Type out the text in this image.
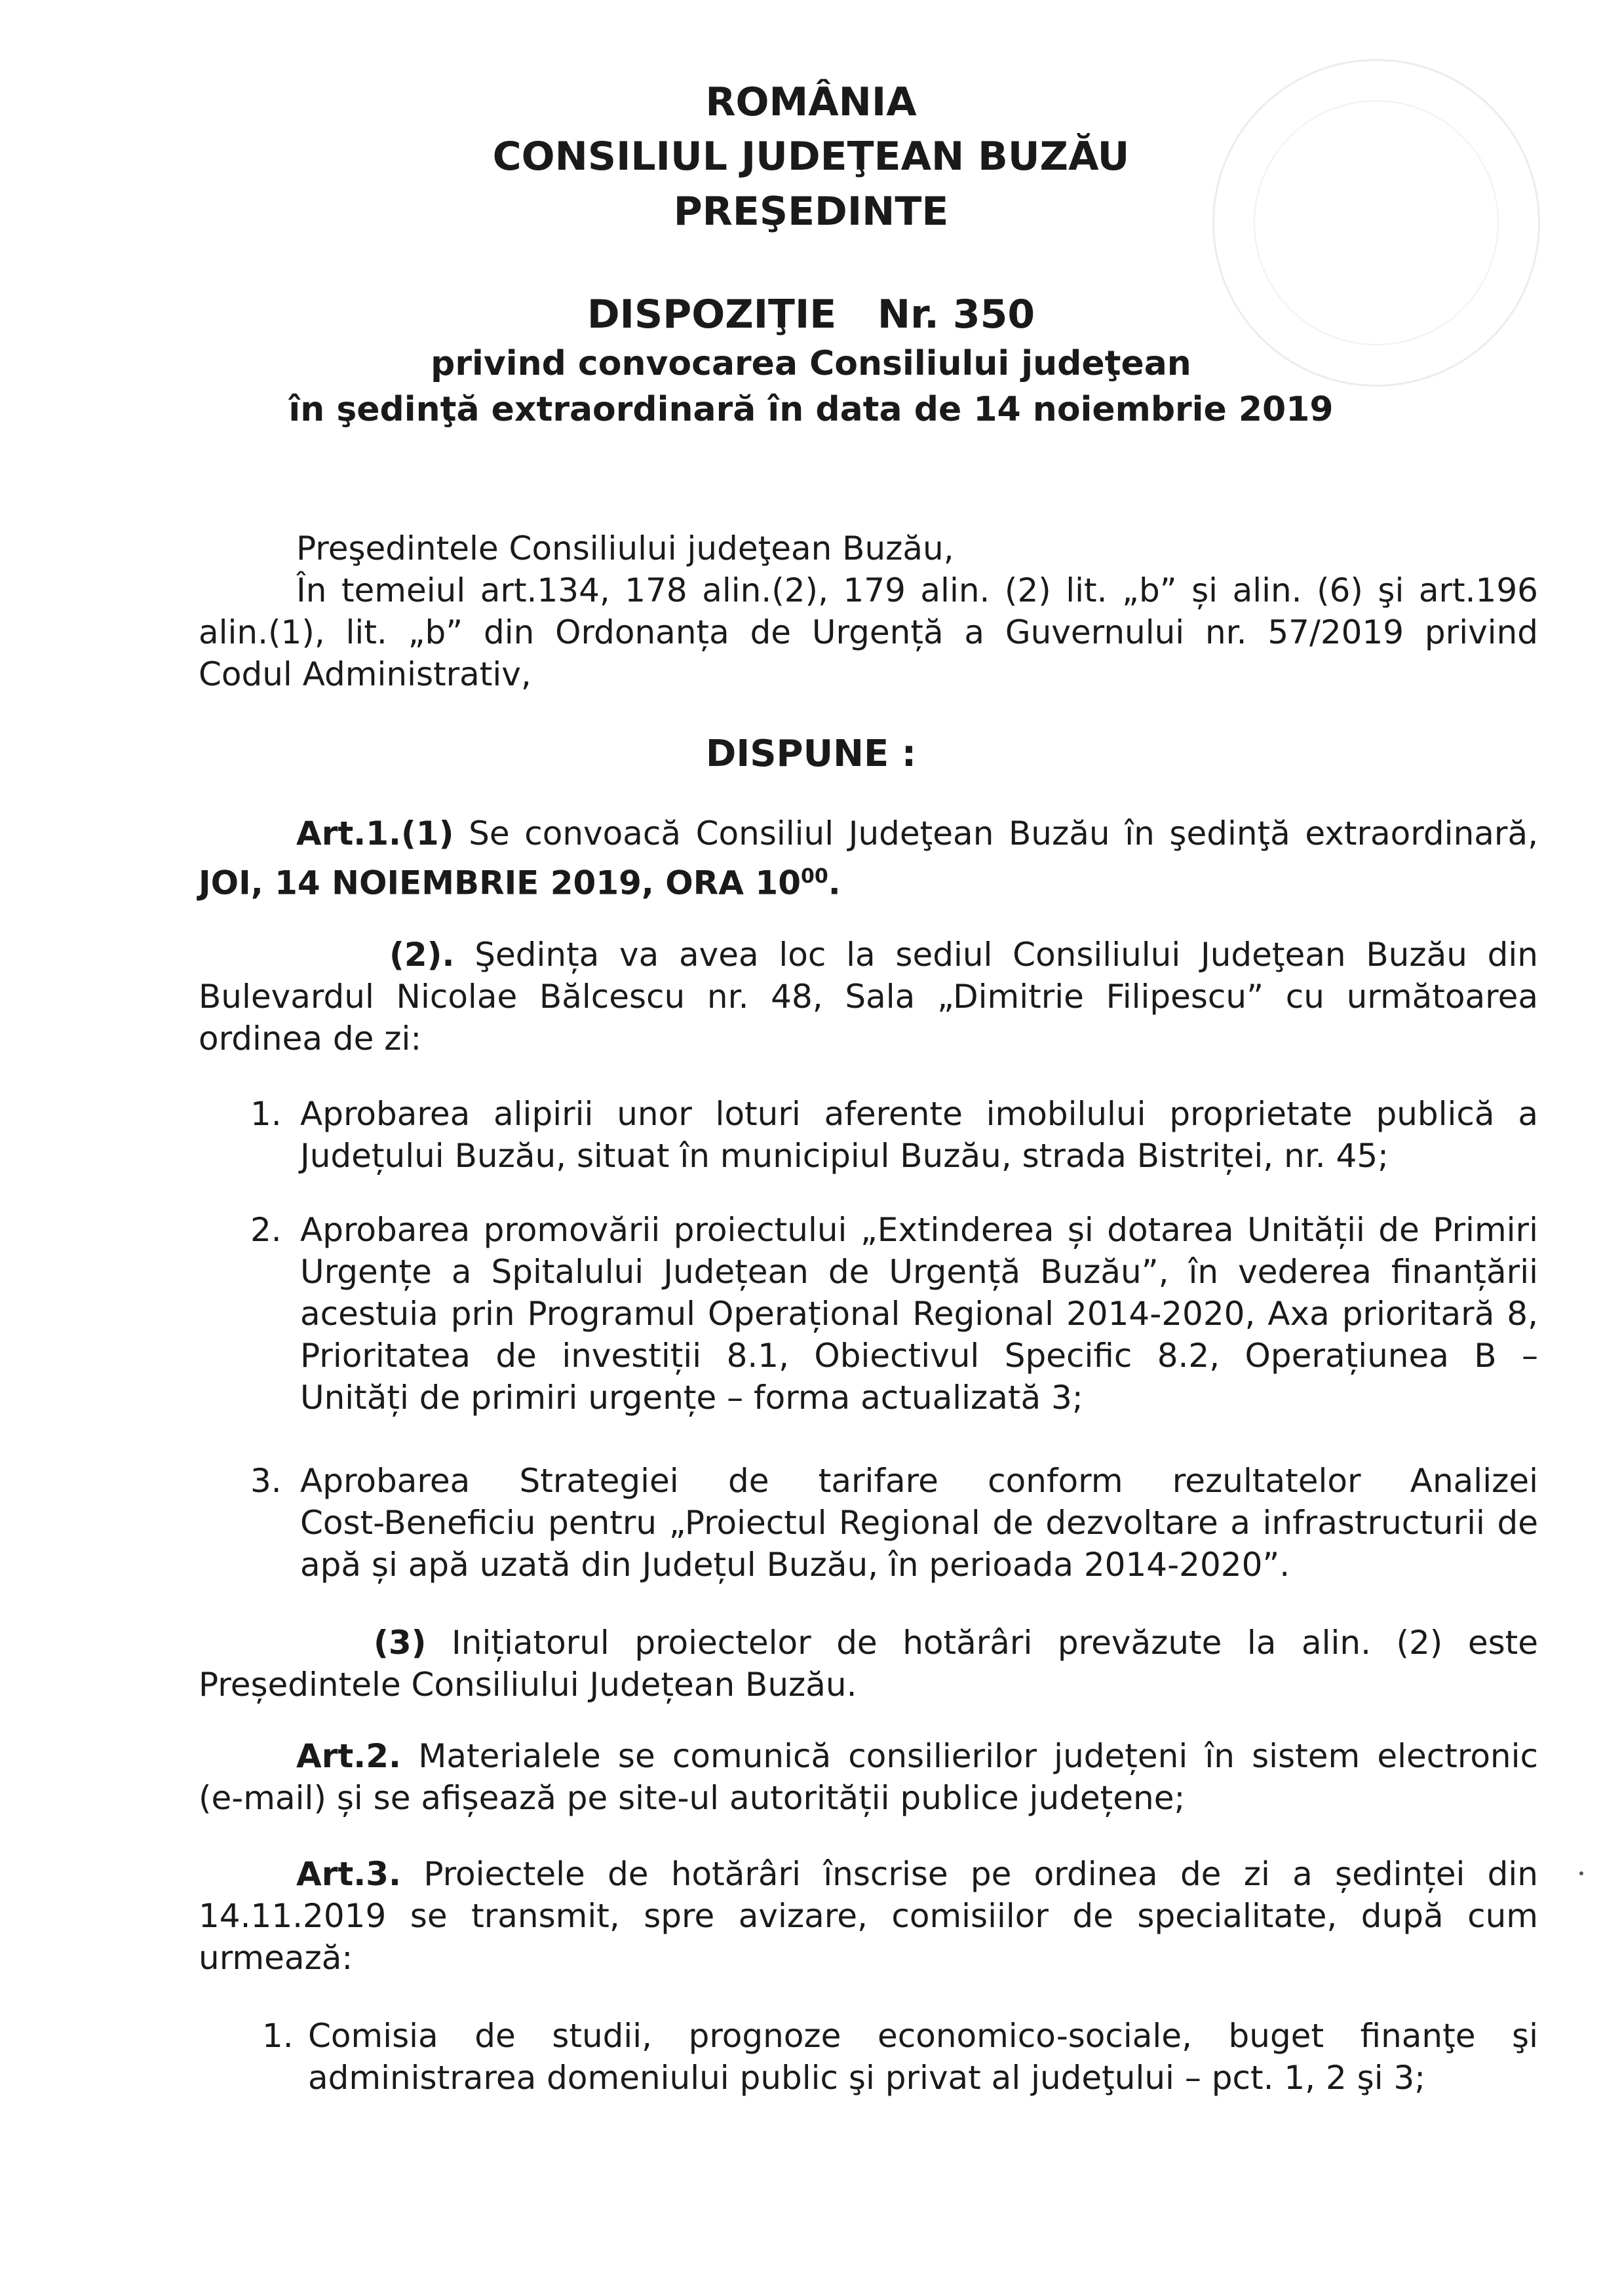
ROMÂNIA
CONSILIUL JUDEŢEAN BUZĂU
PREŞEDINTE
DISPOZIŢIE   Nr. 350
privind convocarea Consiliului judeţean
în şedinţă extraordinară în data de 14 noiembrie 2019

Preşedintele Consiliului judeţean Buzău,

În temeiul art.134, 178 alin.(2), 179 alin. (2) lit. „b” și alin. (6) şi art.196

alin.(1), lit. „b” din Ordonanța de Urgență a Guvernului nr. 57/2019 privind

Codul Administrativ,

DISPUNE :

Art.1.(1) Se convoacă Consiliul Judeţean Buzău în şedinţă extraordinară,

JOI, 14 NOIEMBRIE 2019, ORA $10^{00}$.

(2). Şedința va avea loc la sediul Consiliului Judeţean Buzău din

Bulevardul Nicolae Bălcescu nr. 48, Sala „Dimitrie Filipescu” cu următoarea

ordinea de zi:

1. Aprobarea alipirii unor loturi aferente imobilului proprietate publică a

Județului Buzău, situat în municipiul Buzău, strada Bistriței, nr. 45;

2. Aprobarea promovării proiectului „Extinderea și dotarea Unității de Primiri

Urgențe a Spitalului Județean de Urgență Buzău”, în vederea finanțării

acestuia prin Programul Operațional Regional 2014-2020, Axa prioritară 8,

Prioritatea de investiții 8.1, Obiectivul Specific 8.2, Operațiunea B –

Unități de primiri urgențe – forma actualizată 3;

3. Aprobarea   Strategiei   de   tarifare   conform   rezultatelor   Analizei

Cost-Beneficiu pentru „Proiectul Regional de dezvoltare a infrastructurii de

apă și apă uzată din Județul Buzău, în perioada 2014-2020”.

(3) Inițiatorul proiectelor de hotărâri prevăzute la alin. (2) este

Președintele Consiliului Județean Buzău.

Art.2. Materialele se comunică consilierilor județeni în sistem electronic

(e-mail) și se afișează pe site-ul autorității publice județene;

Art.3. Proiectele de hotărâri înscrise pe ordinea de zi a ședinței din

14.11.2019 se transmit, spre avizare, comisiilor de specialitate, după cum

urmează:

1. Comisia  de  studii,  prognoze  economico-sociale,  buget  finanţe  şi

administrarea domeniului public şi privat al judeţului – pct. 1, 2 şi 3;
